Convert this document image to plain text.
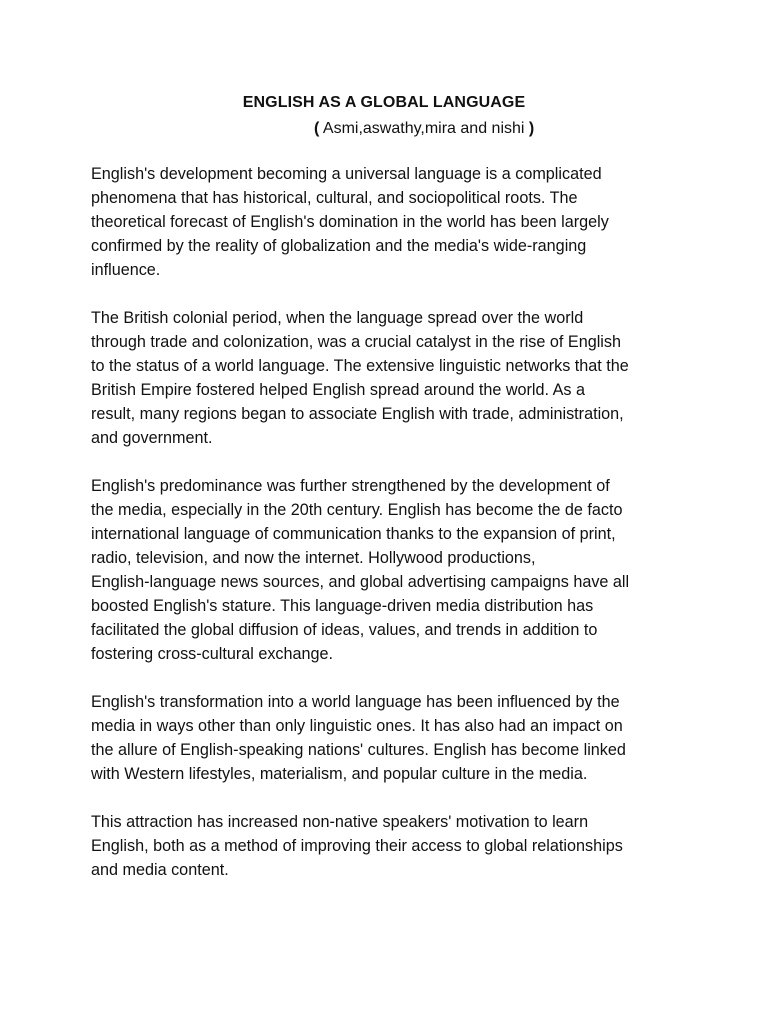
ENGLISH AS A GLOBAL LANGUAGE

( Asmi,aswathy,mira and nishi )

English's development becoming a universal language is a complicated
phenomena that has historical, cultural, and sociopolitical roots. The
theoretical forecast of English's domination in the world has been largely
confirmed by the reality of globalization and the media's wide-ranging
influence.

The British colonial period, when the language spread over the world
through trade and colonization, was a crucial catalyst in the rise of English
to the status of a world language. The extensive linguistic networks that the
British Empire fostered helped English spread around the world. As a
result, many regions began to associate English with trade, administration,
and government.

English's predominance was further strengthened by the development of
the media, especially in the 20th century. English has become the de facto
international language of communication thanks to the expansion of print,
radio, television, and now the internet. Hollywood productions,
English-language news sources, and global advertising campaigns have all
boosted English's stature. This language-driven media distribution has
facilitated the global diffusion of ideas, values, and trends in addition to
fostering cross-cultural exchange.

English's transformation into a world language has been influenced by the
media in ways other than only linguistic ones. It has also had an impact on
the allure of English-speaking nations' cultures. English has become linked
with Western lifestyles, materialism, and popular culture in the media.

This attraction has increased non-native speakers' motivation to learn
English, both as a method of improving their access to global relationships
and media content.
